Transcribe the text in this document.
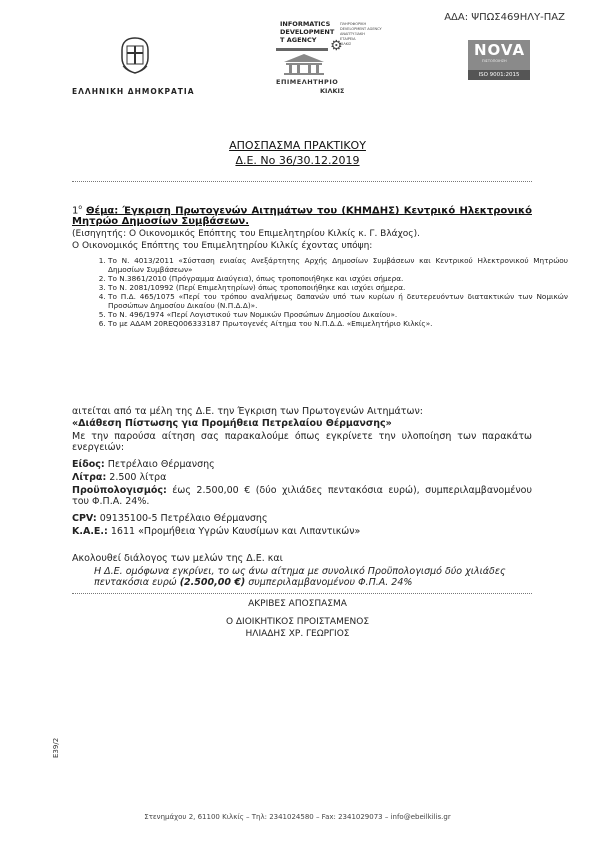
ΑΔΑ: ΨΠΩΣ469ΗΛΥ-ΠΑΖ
ΕΛΛΗΝΙΚΗ ΔΗΜΟΚΡΑΤΙΑ
INFORMATICS
DEVELOPMENT
T AGENCY
ΠΛΗΡΟΦΟΡΙΚΗ
DEVELOPMENT AGENCY
ΑΝΑΠΤΥΞΙΑΚΗ
ΕΤΑΙΡΕΙΑ
ΚΙΛΚΙΣ
⚙
ΕΠΙΜΕΛΗΤΗΡΙΟ
ΚΙΛΚΙΣ
NOVA
ΠΙΣΤΟΠΟΙΗΣΗ
ISO 9001:2015
ΑΠΟΣΠΑΣΜΑ ΠΡΑΚΤΙΚΟΥ
Δ.Ε. Νο 36/30.12.2019
$1^o$ Θέμα: Έγκριση Πρωτογενών Αιτημάτων του (ΚΗΜΔΗΣ) Κεντρικό Ηλεκτρονικό Μητρώο Δημοσίων Συμβάσεων.
(Εισηγητής: Ο Οικονομικός Επόπτης του Επιμελητηρίου Κιλκίς κ. Γ. Βλάχος).
Ο Οικονομικός Επόπτης του Επιμελητηρίου Κιλκίς έχοντας υπόψη:
1. Το Ν. 4013/2011 «Σύσταση ενιαίας Ανεξάρτητης Αρχής Δημοσίων Συμβάσεων και Κεντρικού Ηλεκτρονικού Μητρώου Δημοσίων Συμβάσεων»
2. Το Ν.3861/2010 (Πρόγραμμα Διαύγεια), όπως τροποποιήθηκε και ισχύει σήμερα.
3. Το Ν. 2081/10992 (Περί Επιμελητηρίων) όπως τροποποιήθηκε και ισχύει σήμερα.
4. Το Π.Δ. 465/1075 «Περί του τρόπου αναλήψεως δαπανών υπό των κυρίων ή δευτερευόντων διατακτικών των Νομικών Προσώπων Δημοσίου Δικαίου (Ν.Π.Δ.Δ)».
5. Το Ν. 496/1974 «Περί Λογιστικού των Νομικών Προσώπων Δημοσίου Δικαίου».
6. Το με ΑΔΑΜ 20REQ006333187 Πρωτογενές Αίτημα του Ν.Π.Δ.Δ. «Επιμελητήριο Κιλκίς».
αιτείται από τα μέλη της Δ.Ε. την Έγκριση των Πρωτογενών Αιτημάτων:
«Διάθεση Πίστωσης για Προμήθεια Πετρελαίου Θέρμανσης»
Με την παρούσα αίτηση σας παρακαλούμε όπως εγκρίνετε την υλοποίηση των παρακάτω ενεργειών:
Είδος: Πετρέλαιο Θέρμανσης
Λίτρα: 2.500 λίτρα
Προϋπολογισμός: έως 2.500,00 € (δύο χιλιάδες πεντακόσια ευρώ), συμπεριλαμβανομένου του Φ.Π.Α. 24%.
CPV: 09135100-5 Πετρέλαιο Θέρμανσης
Κ.Α.Ε.: 1611 «Προμήθεια Υγρών Καυσίμων και Λιπαντικών»
Ακολουθεί διάλογος των μελών της Δ.Ε. και
Η Δ.Ε. ομόφωνα εγκρίνει, το ως άνω αίτημα με συνολικό Προϋπολογισμό δύο χιλιάδες πεντακόσια ευρώ (2.500,00 €) συμπεριλαμβανομένου Φ.Π.Α. 24%
ΑΚΡΙΒΕΣ ΑΠΟΣΠΑΣΜΑ
Ο ΔΙΟΙΚΗΤΙΚΟΣ ΠΡΟΙΣΤΑΜΕΝΟΣ
ΗΛΙΑΔΗΣ ΧΡ. ΓΕΩΡΓΙΟΣ
Ε39/2
Στενημάχου 2, 61100 Κιλκίς – Τηλ: 2341024580 – Fax: 2341029073 – info@ebeilkilis.gr
